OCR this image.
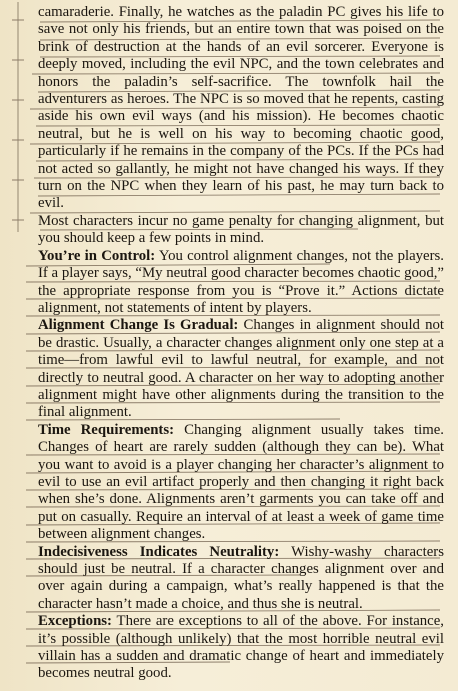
camaraderie. Finally, he watches as the paladin PC gives his life to save not only his friends, but an entire town that was poised on the brink of destruction at the hands of an evil sorcerer. Everyone is deeply moved, including the evil NPC, and the town celebrates and honors the paladin’s self-sacrifice. The townfolk hail the adventurers as heroes. The NPC is so moved that he repents, casting aside his own evil ways (and his mission). He becomes chaotic neutral, but he is well on his way to becoming chaotic good, particularly if he remains in the company of the PCs. If the PCs had not acted so gallantly, he might not have changed his ways. If they turn on the NPC when they learn of his past, he may turn back to evil.

Most characters incur no game penalty for changing alignment, but you should keep a few points in mind.

You’re in Control: You control alignment changes, not the players. If a player says, “My neutral good character becomes chaotic good,” the appropriate response from you is “Prove it.” Actions dictate alignment, not statements of intent by players.

Alignment Change Is Gradual: Changes in alignment should not be drastic. Usually, a character changes alignment only one step at a time—from lawful evil to lawful neutral, for example, and not directly to neutral good. A character on her way to adopting another alignment might have other alignments during the transition to the final alignment.

Time Requirements: Changing alignment usually takes time. Changes of heart are rarely sudden (although they can be). What you want to avoid is a player changing her character’s alignment to evil to use an evil artifact properly and then changing it right back when she’s done. Alignments aren’t garments you can take off and put on casually. Require an interval of at least a week of game time between alignment changes.

Indecisiveness Indicates Neutrality: Wishy-washy characters should just be neutral. If a character changes alignment over and over again during a campaign, what’s really happened is that the character hasn’t made a choice, and thus she is neutral.

Exceptions: There are exceptions to all of the above. For instance, it’s possible (although unlikely) that the most horrible neutral evil villain has a sudden and dramatic change of heart and immediately becomes neutral good.
